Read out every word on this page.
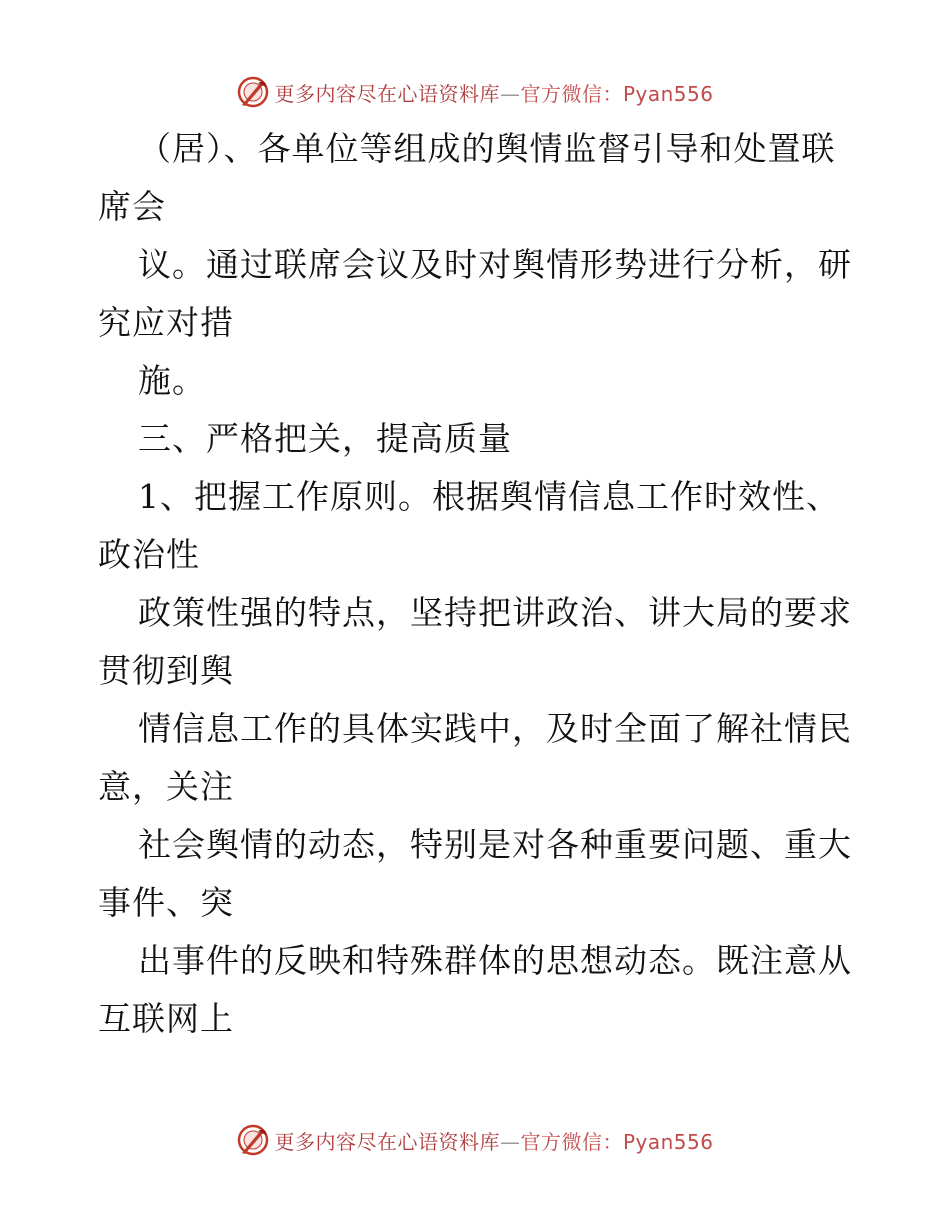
更多内容尽在心语资料库—官方微信：Pyan556
（居）、各单位等组成的舆情监督引导和处置联
席会
议。通过联席会议及时对舆情形势进行分析，研
究应对措
施。
三、严格把关，提高质量
1、把握工作原则。根据舆情信息工作时效性、
政治性
政策性强的特点，坚持把讲政治、讲大局的要求
贯彻到舆
情信息工作的具体实践中，及时全面了解社情民
意，关注
社会舆情的动态，特别是对各种重要问题、重大
事件、突
出事件的反映和特殊群体的思想动态。既注意从
互联网上
更多内容尽在心语资料库—官方微信：Pyan556
